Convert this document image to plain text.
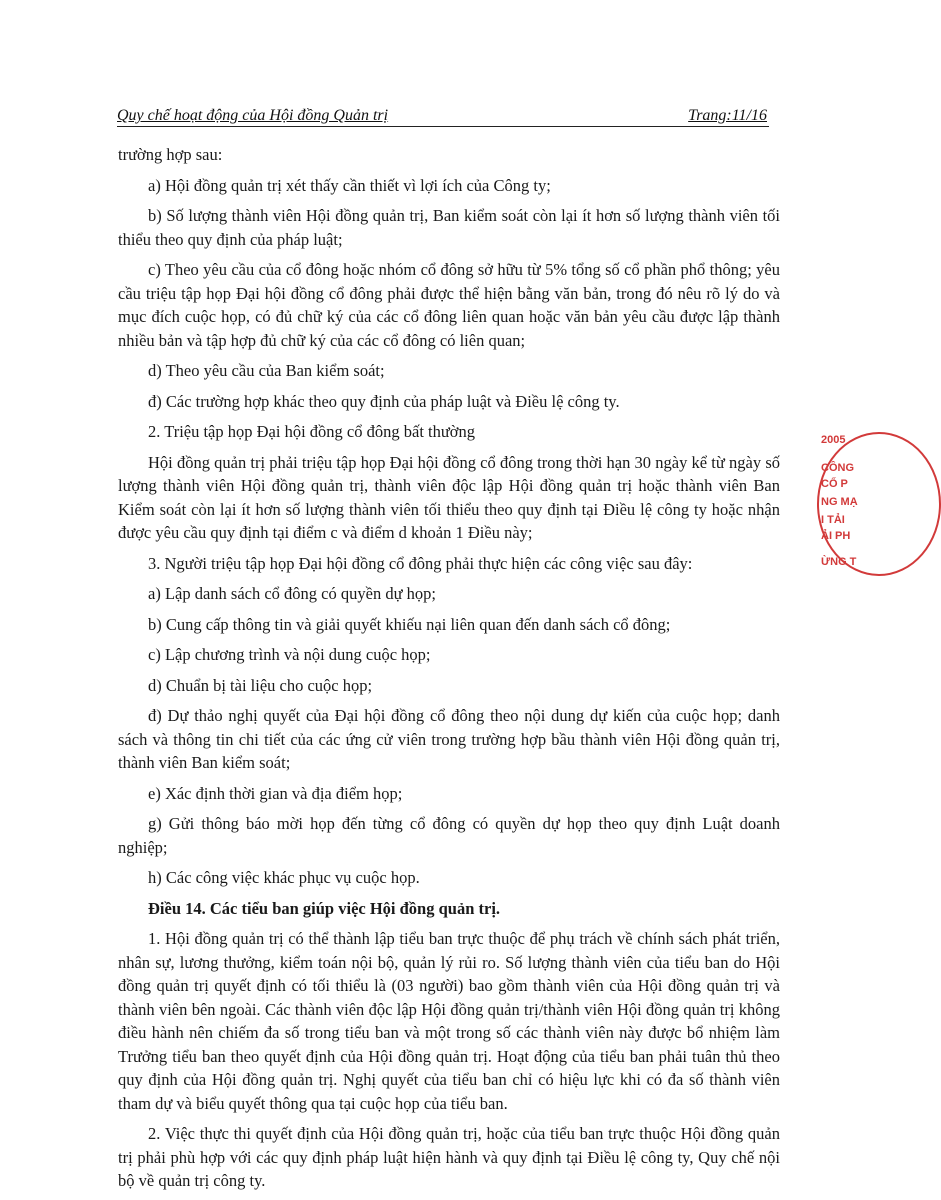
Quy chế hoạt động của Hội đồng Quản trị	Trang:11/16

trường hợp sau:

a) Hội đồng quản trị xét thấy cần thiết vì lợi ích của Công ty;

b) Số lượng thành viên Hội đồng quản trị, Ban kiểm soát còn lại ít hơn số lượng thành viên tối thiểu theo quy định của pháp luật;

c) Theo yêu cầu của cổ đông hoặc nhóm cổ đông sở hữu từ 5% tổng số cổ phần phổ thông; yêu cầu triệu tập họp Đại hội đồng cổ đông phải được thể hiện bằng văn bản, trong đó nêu rõ lý do và mục đích cuộc họp, có đủ chữ ký của các cổ đông liên quan hoặc văn bản yêu cầu được lập thành nhiều bản và tập hợp đủ chữ ký của các cổ đông có liên quan;

d) Theo yêu cầu của Ban kiểm soát;

đ) Các trường hợp khác theo quy định của pháp luật và Điều lệ công ty.

2. Triệu tập họp Đại hội đồng cổ đông bất thường

Hội đồng quản trị phải triệu tập họp Đại hội đồng cổ đông trong thời hạn 30 ngày kể từ ngày số lượng thành viên Hội đồng quản trị, thành viên độc lập Hội đồng quản trị hoặc thành viên Ban Kiểm soát còn lại ít hơn số lượng thành viên tối thiểu theo quy định tại Điều lệ công ty hoặc nhận được yêu cầu quy định tại điểm c và điểm d khoản 1 Điều này;

3. Người triệu tập họp Đại hội đồng cổ đông phải thực hiện các công việc sau đây:

a) Lập danh sách cổ đông có quyền dự họp;

b) Cung cấp thông tin và giải quyết khiếu nại liên quan đến danh sách cổ đông;

c) Lập chương trình và nội dung cuộc họp;

d) Chuẩn bị tài liệu cho cuộc họp;

đ) Dự thảo nghị quyết của Đại hội đồng cổ đông theo nội dung dự kiến của cuộc họp; danh sách và thông tin chi tiết của các ứng cử viên trong trường hợp bầu thành viên Hội đồng quản trị, thành viên Ban kiểm soát;

e) Xác định thời gian và địa điểm họp;

g) Gửi thông báo mời họp đến từng cổ đông có quyền dự họp theo quy định Luật doanh nghiệp;

h) Các công việc khác phục vụ cuộc họp.

Điều 14. Các tiểu ban giúp việc Hội đồng quản trị.

1. Hội đồng quản trị có thể thành lập tiểu ban trực thuộc để phụ trách về chính sách phát triển, nhân sự, lương thưởng, kiểm toán nội bộ, quản lý rủi ro. Số lượng thành viên của tiểu ban do Hội đồng quản trị quyết định có tối thiểu là (03 người) bao gồm thành viên của Hội đồng quản trị và thành viên bên ngoài. Các thành viên độc lập Hội đồng quản trị/thành viên Hội đồng quản trị không điều hành nên chiếm đa số trong tiểu ban và một trong số các thành viên này được bổ nhiệm làm Trưởng tiểu ban theo quyết định của Hội đồng quản trị. Hoạt động của tiểu ban phải tuân thủ theo quy định của Hội đồng quản trị. Nghị quyết của tiểu ban chỉ có hiệu lực khi có đa số thành viên tham dự và biểu quyết thông qua tại cuộc họp của tiểu ban.

2. Việc thực thi quyết định của Hội đồng quản trị, hoặc của tiểu ban trực thuộc Hội đồng quản trị phải phù hợp với các quy định pháp luật hiện hành và quy định tại Điều lệ công ty, Quy chế nội bộ về quản trị công ty.

2005
CÔNG
CỔ P
NG MẠ
I TẢI
ẢI PH
ỪNG T
